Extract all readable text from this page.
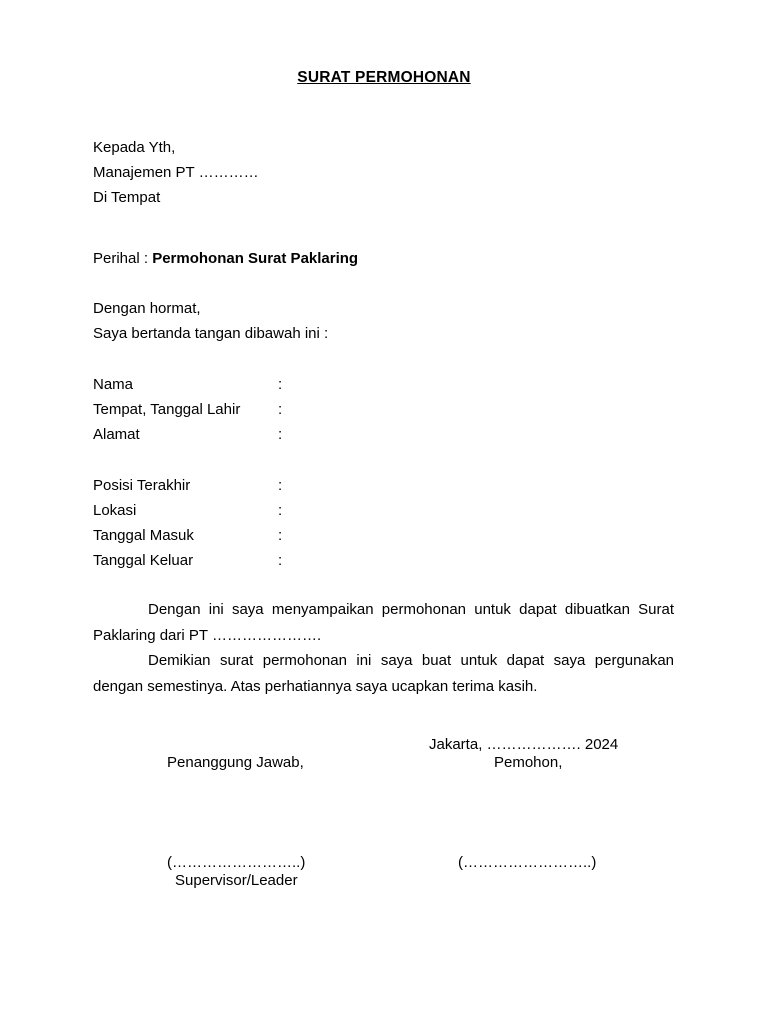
SURAT PERMOHONAN
Kepada Yth,
Manajemen PT …………
Di Tempat
Perihal : Permohonan Surat Paklaring
Dengan hormat,
Saya bertanda tangan dibawah ini :
Nama	:
Tempat, Tanggal Lahir	:
Alamat	:
Posisi Terakhir	:
Lokasi	:
Tanggal Masuk	:
Tanggal Keluar	:
Dengan ini saya menyampaikan permohonan untuk dapat dibuatkan Surat
Paklaring dari PT ………………….
Demikian surat permohonan ini saya buat untuk dapat saya pergunakan
dengan semestinya. Atas perhatiannya saya ucapkan terima kasih.
Jakarta, ………………. 2024
Penanggung Jawab,	Pemohon,
(……………………..)	(……………………..)
Supervisor/Leader
